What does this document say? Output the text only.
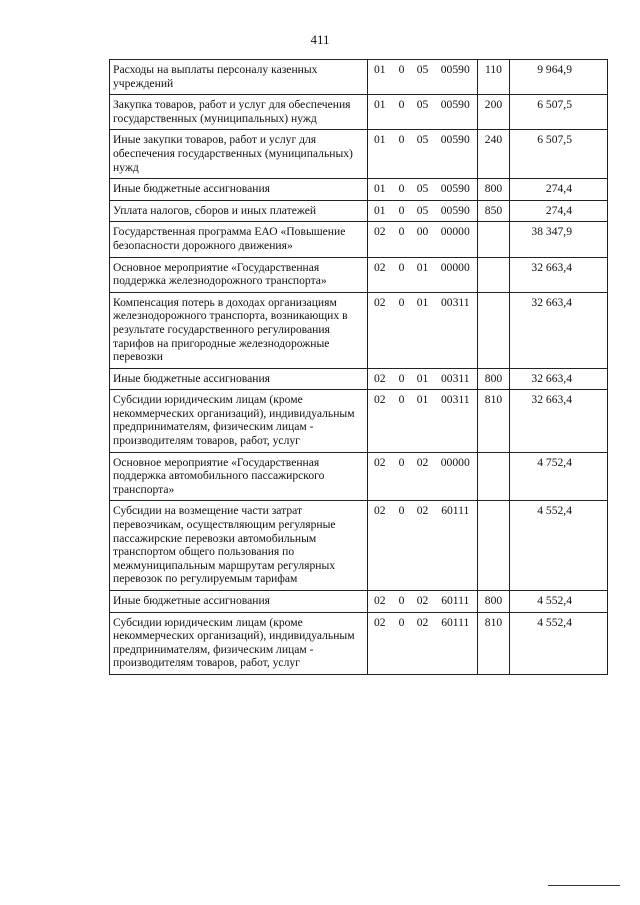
411
Расходы на выплаты персоналу казенных учреждений	01	0	05	00590	110	9 964,9
Закупка товаров, работ и услуг для обеспечения государственных (муниципальных) нужд	01	0	05	00590	200	6 507,5
Иные закупки товаров, работ и услуг для обеспечения государственных (муниципальных) нужд	01	0	05	00590	240	6 507,5
Иные бюджетные ассигнования	01	0	05	00590	800	274,4
Уплата налогов, сборов и иных платежей	01	0	05	00590	850	274,4
Государственная программа ЕАО «Повышение безопасности дорожного движения»	02	0	00	00000		38 347,9
Основное мероприятие «Государственная поддержка железнодорожного транспорта»	02	0	01	00000		32 663,4
Компенсация потерь в доходах организациям железнодорожного транспорта, возникающих в результате государственного регулирования тарифов на пригородные железнодорожные перевозки	02	0	01	00311		32 663,4
Иные бюджетные ассигнования	02	0	01	00311	800	32 663,4
Субсидии юридическим лицам (кроме некоммерческих организаций), индивидуальным предпринимателям, физическим лицам - производителям товаров, работ, услуг	02	0	01	00311	810	32 663,4
Основное мероприятие «Государственная поддержка автомобильного пассажирского транспорта»	02	0	02	00000		4 752,4
Субсидии на возмещение части затрат перевозчикам, осуществляющим регулярные пассажирские перевозки автомобильным транспортом общего пользования по межмуниципальным маршрутам регулярных перевозок по регулируемым тарифам	02	0	02	60111		4 552,4
Иные бюджетные ассигнования	02	0	02	60111	800	4 552,4
Субсидии юридическим лицам (кроме некоммерческих организаций), индивидуальным предпринимателям, физическим лицам - производителям товаров, работ, услуг	02	0	02	60111	810	4 552,4
